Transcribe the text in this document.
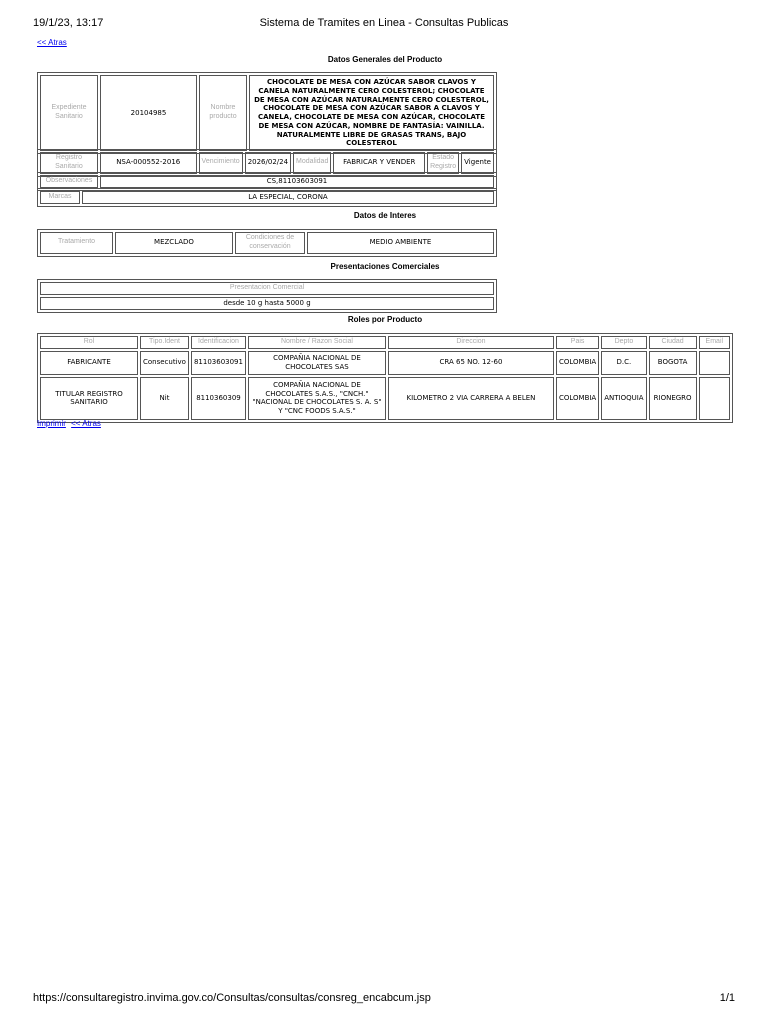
19/1/23, 13:17	Sistema de Tramites en Linea - Consultas Publicas
<< Atras
Datos Generales del Producto
Expediente Sanitario	20104985	Nombre producto	CHOCOLATE DE MESA CON AZÚCAR SABOR CLAVOS Y CANELA NATURALMENTE CERO COLESTEROL; CHOCOLATE DE MESA CON AZÚCAR NATURALMENTE CERO COLESTEROL, CHOCOLATE DE MESA CON AZÚCAR SABOR A CLAVOS Y CANELA, CHOCOLATE DE MESA CON AZÚCAR, CHOCOLATE DE MESA CON AZÚCAR, NOMBRE DE FANTASÍA: VAINILLA. NATURALMENTE LIBRE DE GRASAS TRANS, BAJO COLESTEROL
Registro Sanitario	NSA-000552-2016	Vencimiento	2026/02/24	Modalidad	FABRICAR Y VENDER	Estado Registro	Vigente
Observaciones	CS,81103603091
Marcas	LA ESPECIAL, CORONA
Datos de Interes
Tratamiento	MEZCLADO	Condiciones de conservación	MEDIO AMBIENTE
Presentaciones Comerciales
Presentacion Comercial
desde 10 g hasta 5000 g
Roles por Producto
Rol	Tipo.Ident	Identificacion	Nombre / Razon Social	Direccion	Pais	Depto	Ciudad	Email
FABRICANTE	Consecutivo	81103603091	COMPAÑIA NACIONAL DE CHOCOLATES SAS	CRA 65 NO. 12-60	COLOMBIA	D.C.	BOGOTA	
TITULAR REGISTRO SANITARIO	Nit	8110360309	COMPAÑIA NACIONAL DE CHOCOLATES S.A.S., "CNCH." "NACIONAL DE CHOCOLATES S. A. S" Y "CNC FOODS S.A.S."	KILOMETRO 2 VIA CARRERA A BELEN	COLOMBIA	ANTIOQUIA	RIONEGRO	
Imprimir << Atras
https://consultaregistro.invima.gov.co/Consultas/consultas/consreg_encabcum.jsp	1/1
